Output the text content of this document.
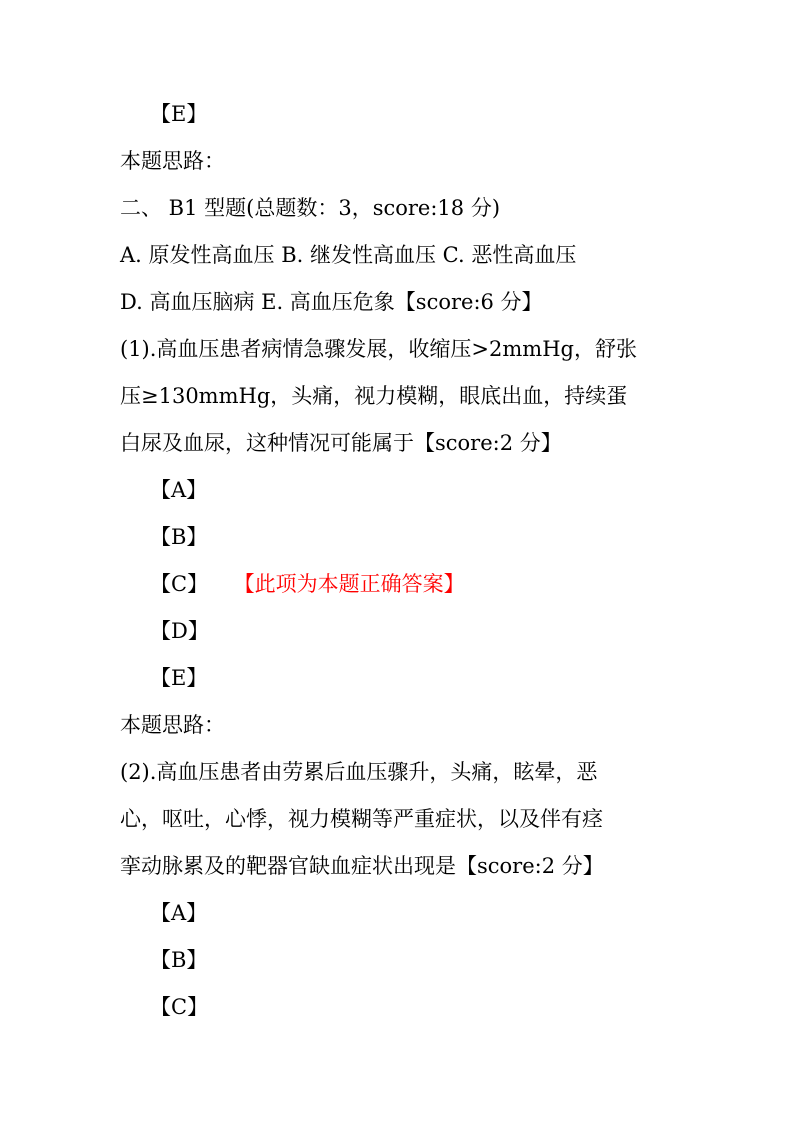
【E】
本题思路：
二、 B1 型题(总题数：3，score:18 分)
A. 原发性高血压 B. 继发性高血压 C. 恶性高血压
D. 高血压脑病 E. 高血压危象【score:6 分】
(1).高血压患者病情急骤发展，收缩压>2mmHg，舒张
压≥130mmHg，头痛，视力模糊，眼底出血，持续蛋
白尿及血尿，这种情况可能属于【score:2 分】
【A】
【B】
【C】 【此项为本题正确答案】
【D】
【E】
本题思路：
(2).高血压患者由劳累后血压骤升，头痛，眩晕，恶
心，呕吐，心悸，视力模糊等严重症状，以及伴有痉
挛动脉累及的靶器官缺血症状出现是【score:2 分】
【A】
【B】
【C】
